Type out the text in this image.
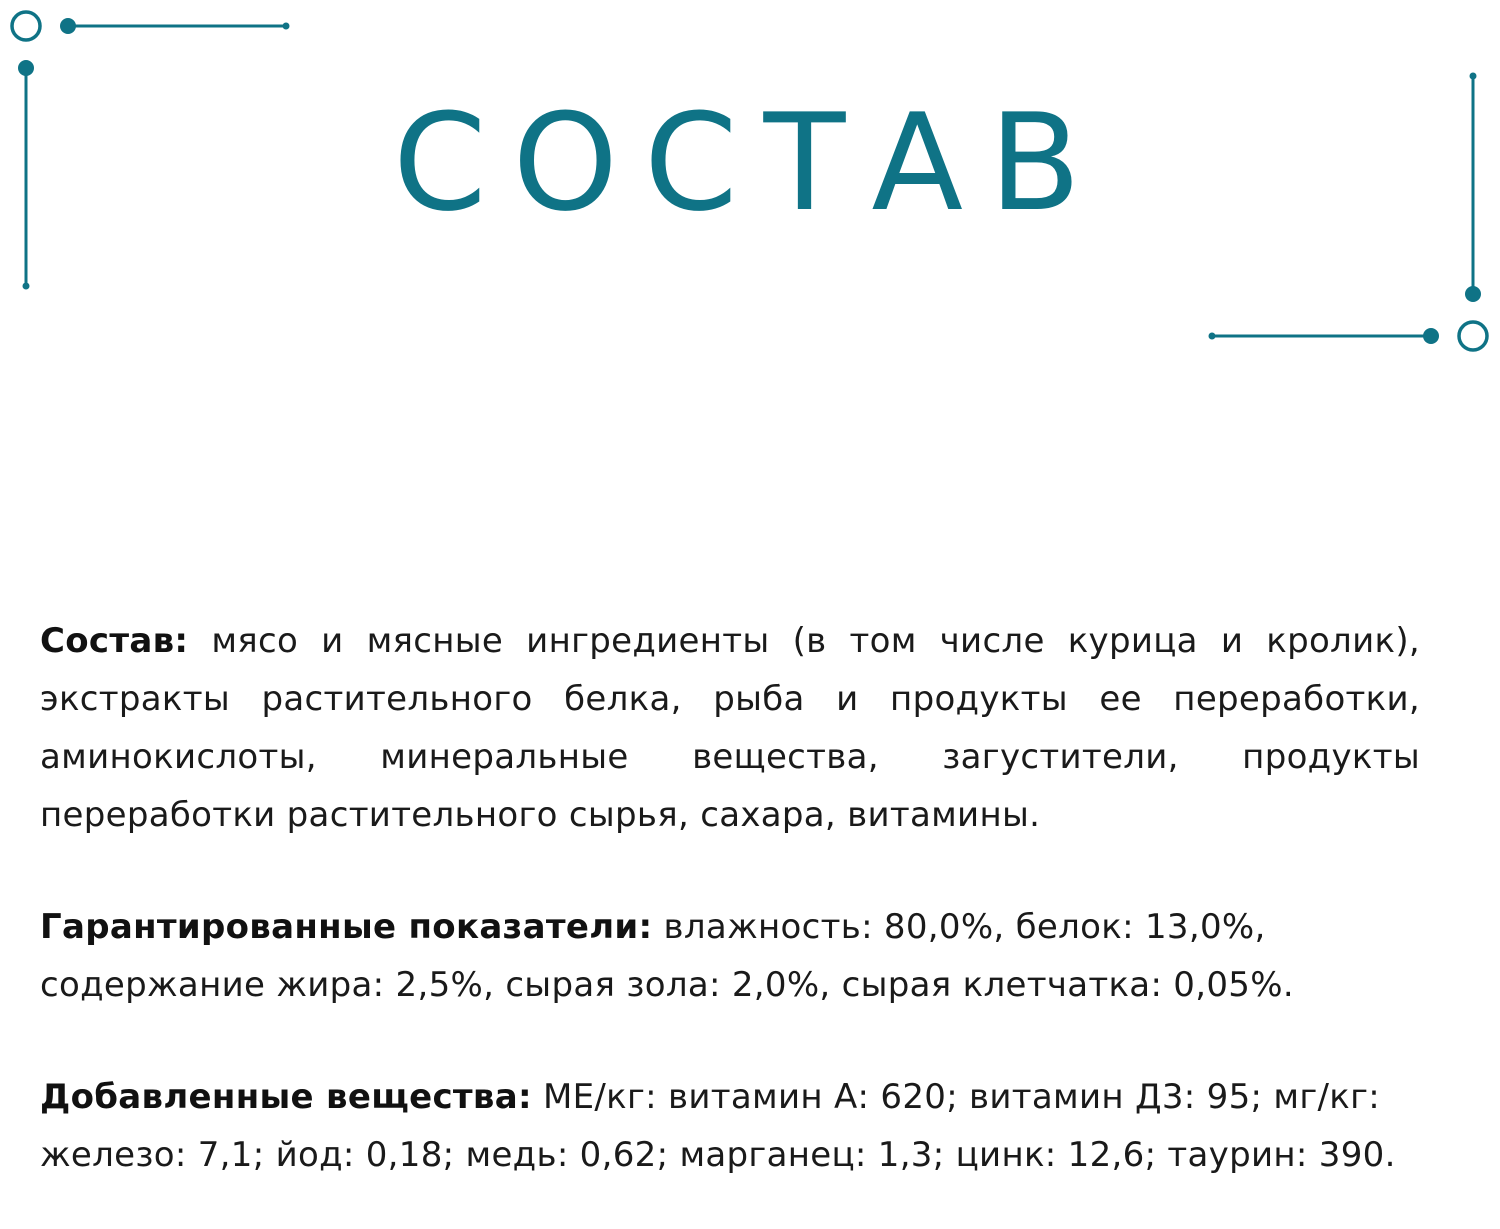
СОСТАВ

Состав: мясо и мясные ингредиенты (в том числе курица и кролик), экстракты растительного белка, рыба и продукты ее переработки, аминокислоты, минеральные вещества, загустители, продукты переработки растительного сырья, сахара, витамины.

Гарантированные показатели: влажность: 80,0%, белок: 13,0%, содержание жира: 2,5%, сырая зола: 2,0%, сырая клетчатка: 0,05%.

Добавленные вещества: МЕ/кг: витамин А: 620; витамин Д3: 95; мг/кг: железо: 7,1; йод: 0,18; медь: 0,62; марганец: 1,3; цинк: 12,6; таурин: 390.
